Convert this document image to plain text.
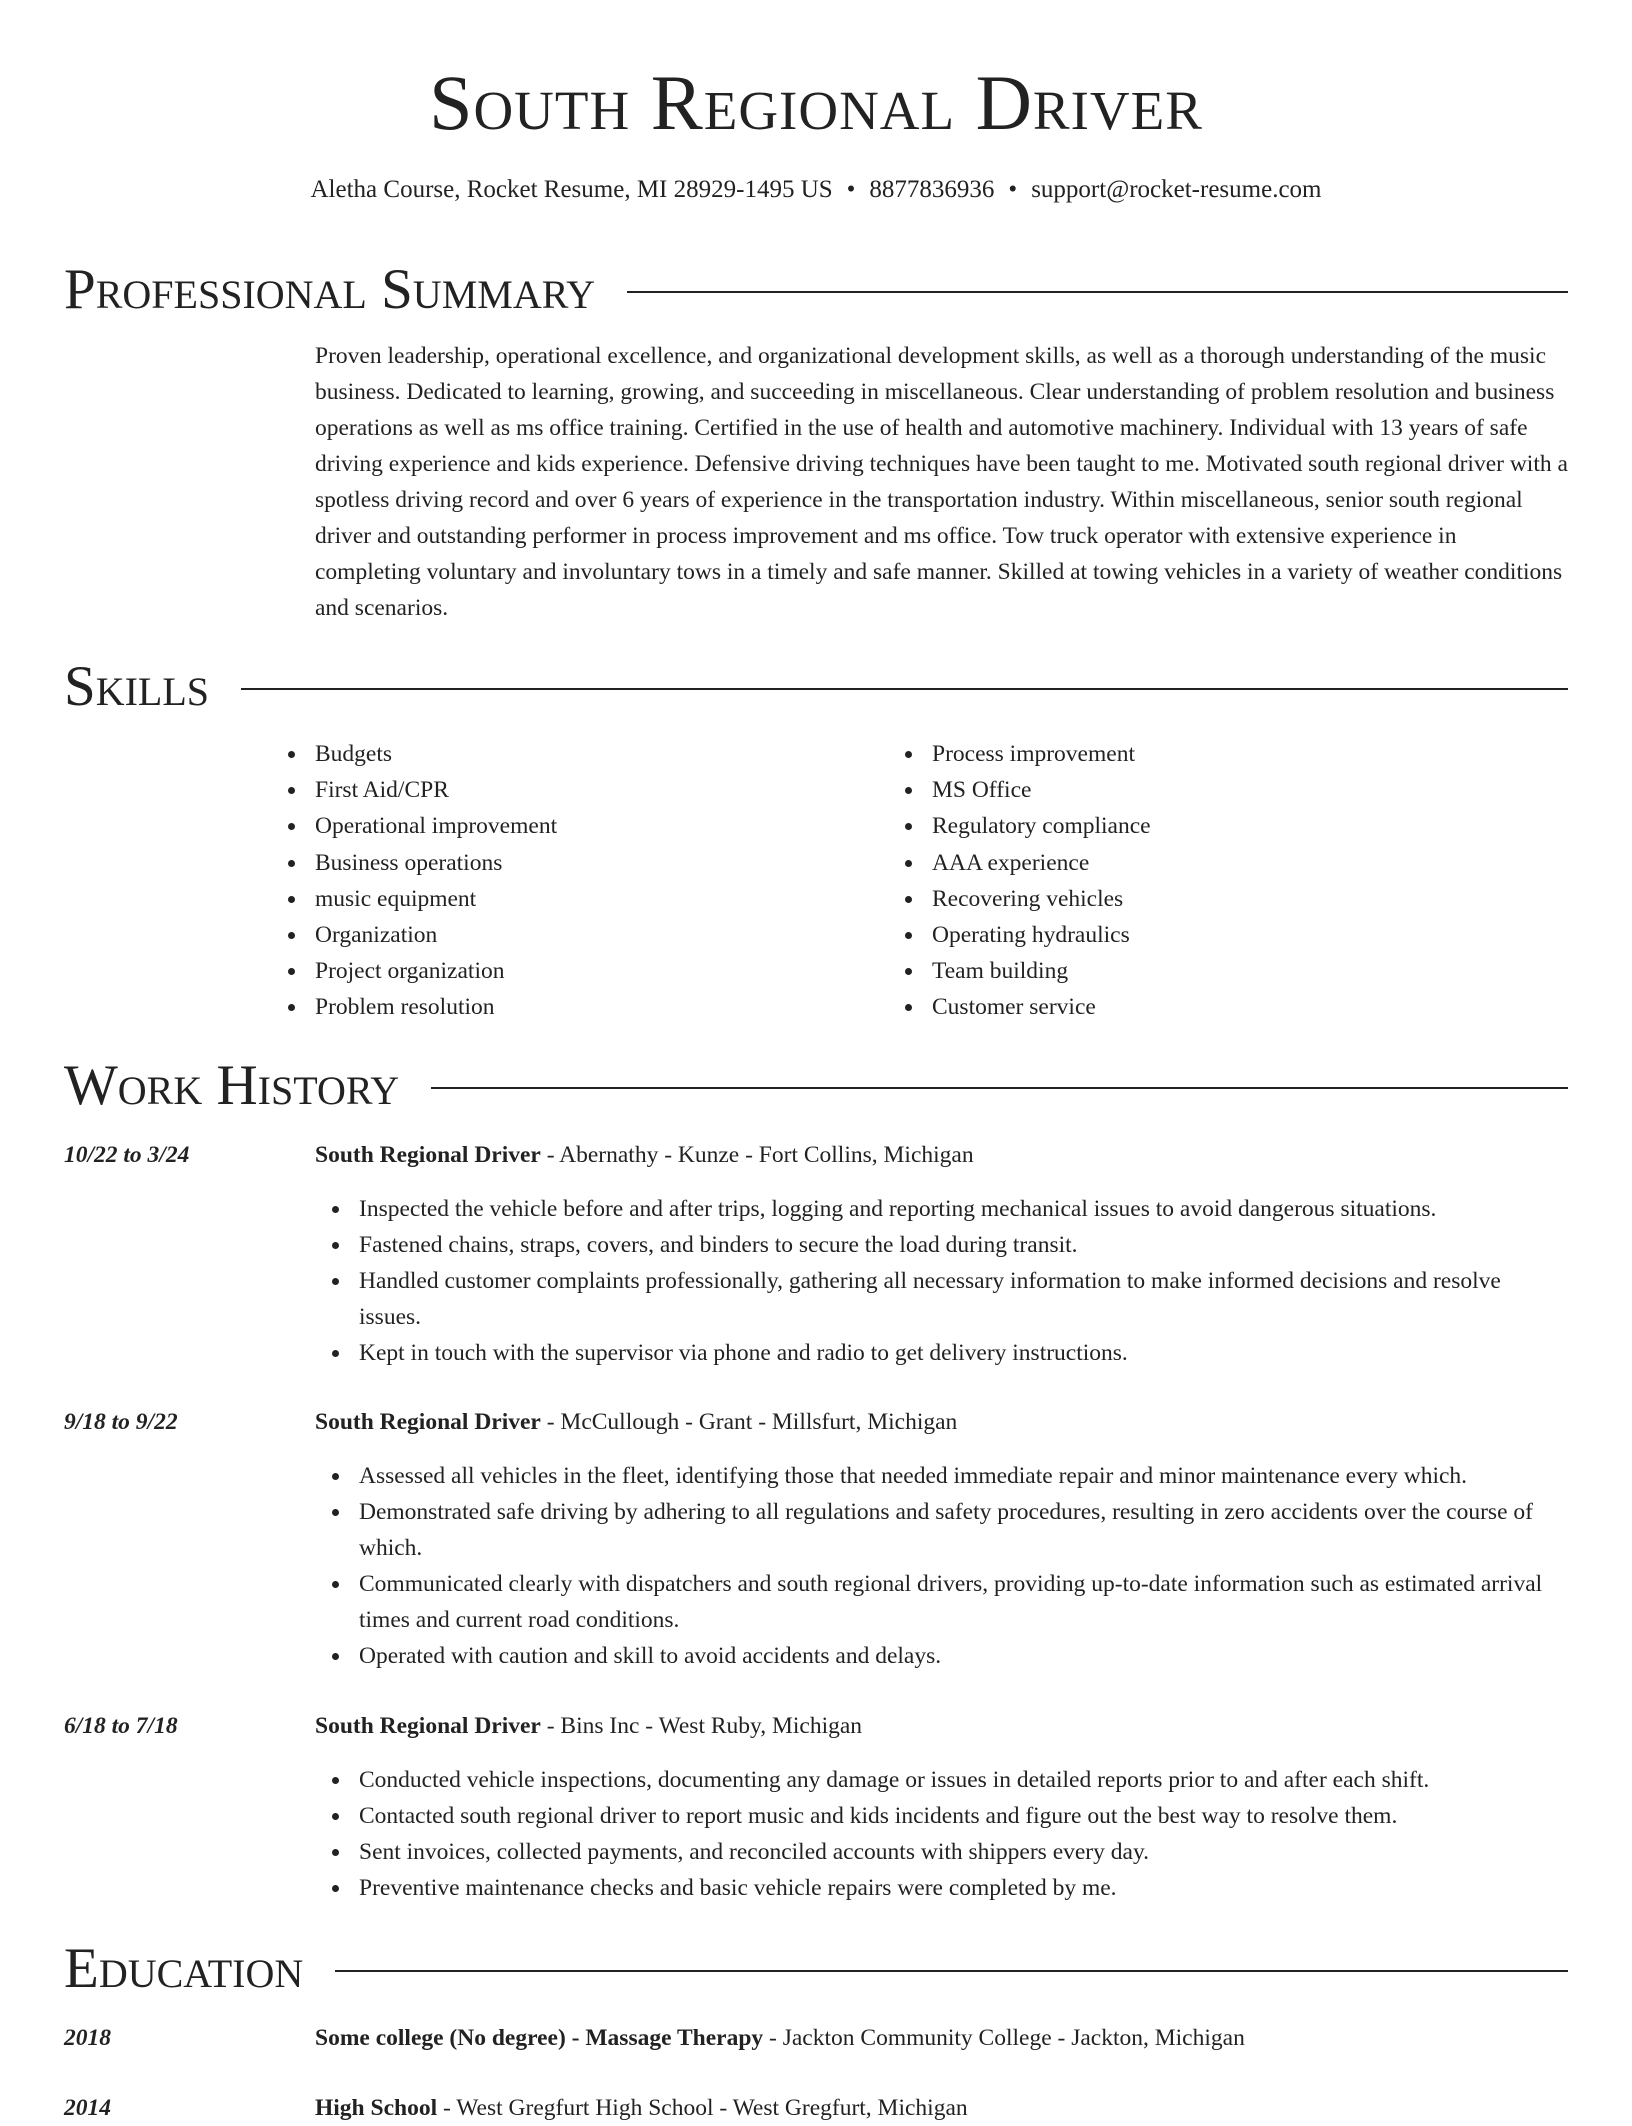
South Regional Driver
Aletha Course, Rocket Resume, MI 28929-1495 US • 8877836936 • support@rocket-resume.com
Professional Summary

Proven leadership, operational excellence, and organizational development skills, as well as a thorough understanding of the music business. Dedicated to learning, growing, and succeeding in miscellaneous. Clear understanding of problem resolution and business operations as well as ms office training. Certified in the use of health and automotive machinery. Individual with 13 years of safe driving experience and kids experience. Defensive driving techniques have been taught to me. Motivated south regional driver with a spotless driving record and over 6 years of experience in the transportation industry. Within miscellaneous, senior south regional driver and outstanding performer in process improvement and ms office. Tow truck operator with extensive experience in completing voluntary and involuntary tows in a timely and safe manner. Skilled at towing vehicles in a variety of weather conditions and scenarios.

Skills
Budgets
First Aid/CPR
Operational improvement
Business operations
music equipment
Organization
Project organization
Problem resolution
Process improvement
MS Office
Regulatory compliance
AAA experience
Recovering vehicles
Operating hydraulics
Team building
Customer service
Work History
10/22 to 3/24	South Regional Driver - Abernathy - Kunze - Fort Collins, Michigan
Inspected the vehicle before and after trips, logging and reporting mechanical issues to avoid dangerous situations.
Fastened chains, straps, covers, and binders to secure the load during transit.
Handled customer complaints professionally, gathering all necessary information to make informed decisions and resolve issues.
Kept in touch with the supervisor via phone and radio to get delivery instructions.
9/18 to 9/22	South Regional Driver - McCullough - Grant - Millsfurt, Michigan
Assessed all vehicles in the fleet, identifying those that needed immediate repair and minor maintenance every which.
Demonstrated safe driving by adhering to all regulations and safety procedures, resulting in zero accidents over the course of which.
Communicated clearly with dispatchers and south regional drivers, providing up-to-date information such as estimated arrival times and current road conditions.
Operated with caution and skill to avoid accidents and delays.
6/18 to 7/18	South Regional Driver - Bins Inc - West Ruby, Michigan
Conducted vehicle inspections, documenting any damage or issues in detailed reports prior to and after each shift.
Contacted south regional driver to report music and kids incidents and figure out the best way to resolve them.
Sent invoices, collected payments, and reconciled accounts with shippers every day.
Preventive maintenance checks and basic vehicle repairs were completed by me.
Education
2018	Some college (No degree) - Massage Therapy - Jackton Community College - Jackton, Michigan
2014	High School - West Gregfurt High School - West Gregfurt, Michigan
